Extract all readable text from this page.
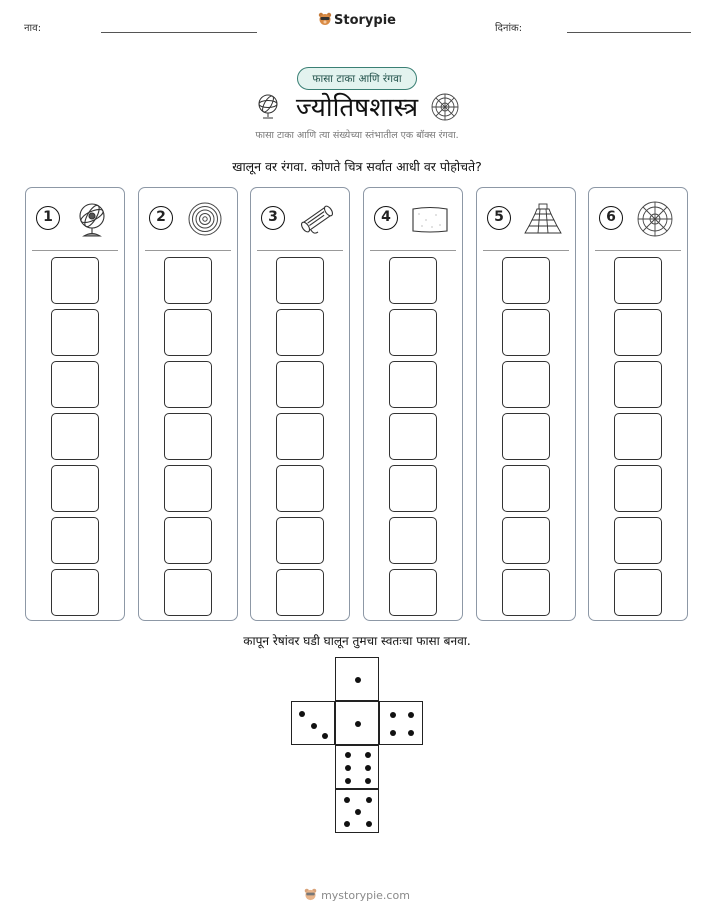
नाव:
Storypie
दिनांक:
फासा टाका आणि रंगवा
ज्योतिषशास्त्र
फासा टाका आणि त्या संख्येच्या स्तंभातील एक बॉक्स रंगवा.
खालून वर रंगवा. कोणते चित्र सर्वात आधी वर पोहोचते?
1	2	3	4	5	6
कापून रेषांवर घडी घालून तुमचा स्वतःचा फासा बनवा.
mystorypie.com
